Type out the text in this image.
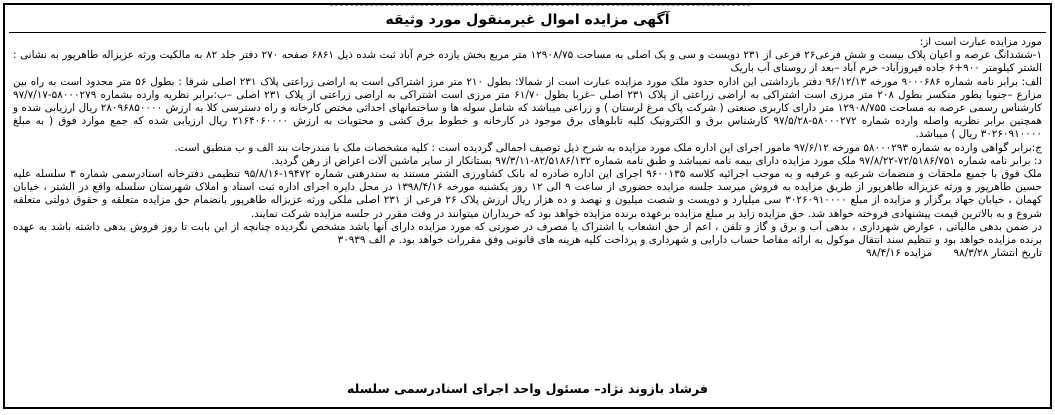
آگهی مزایده اموال غیرمنقول مورد وثیقه

مورد مزایده عبارت است از:

۱-ششدانگ عرصه و اعیان پلاک بیست و شش فرعی۲۶ فرعی از ۲۳۱ دویست و سی و یک اصلی به مساحت ۱۲۹۰۸/۷۵ متر مربع بخش یازده خرم آباد ثبت شده ذیل ۶۸۶۱ صفحه ۲۷۰ دفتر جلد ۸۲ به مالکیت ورثه عزیزاله طاهرپور به نشانی : الشتر کیلومتر ۹۰۰+۶ جاده فیروزآباد- خرم آباد –بعد از روستای آب باریک

الف: برابر نامه شماره ۹۰۰۰۶۸۶ مورخه ۹۶/۱۲/۱۳ دفتر بازداشتی این اداره حدود ملک مورد مزایده عبارت است از شمالا: بطول ۲۱۰ متر مرز اشتراکی است به اراضی زراعتی پلاک ۲۳۱ اصلی شرقا : بطول ۵۶ متر محدود است به راه بین مزارع –جنوبا بطور منکسر بطول ۲۰۸ متر مرزی است اشتراکی به اراضی زراعتی از پلاک ۲۳۱ اصلی –غربا بطول ۶۱/۷۰ متر مرزی است اشتراکی به اراضی زراعتی از پلاک ۲۳۱ اصلی –ب:برابر نظریه وارده بشماره ۵۸۰۰۰۲۷۹-۹۷/۷/۱۷ کارشناس رسمی عرصه به مساحت ۱۲۹۰۸/۷۵۵ متر دارای کاربری صنعتی ( شرکت پاک مرغ لرستان ) و زراعی میباشد که شامل سوله ها و ساختمانهای احداثی مختص کارخانه و راه دسترسی کلا به ارزش ۲۸۰۹۶۸۵۰۰۰۰ ریال ارزیابی شده و همچنین برابر نظریه واصله وارده شماره ۵۸۰۰۰۲۷۲-۹۷/۵/۲۸ کارشناس برق و الکترونیک کلیه تابلوهای برق موجود در کارخانه و خطوط برق کشی و محتویات به ارزش ۲۱۶۴۰۶۰۰۰۰ ریال ارزیابی شده که جمع موارد فوق ( به مبلغ ۳۰۲۶۰۹۱۰۰۰۰ ریال ) میباشد.

ج:برابر گواهی وارده به شماره ۵۸۰۰۰۲۹۳ مورخه ۹۷/۶/۱۲ مامور اجرای این اداره ملک مورد مزایده به شرح ذیل توصیف اجمالی گردیده است : کلیه مشخصات ملک با مندرجات بند الف و ب منطبق است.

د: برابر نامه شماره ۷۲/۵۱۸۶/۷۵۱-۹۷/۸/۲۲ ملک مورد مزایده دارای بیمه نامه نمیباشد و طبق نامه شماره ۸۲/۵۱۸۶/۱۳۲-۹۷/۳/۱۱ بستانکار از سایر ماشین آلات اعراض از رهن گردید.

ملک فوق با جمیع ملحقات و منضمات شرعیه و عرفیه و به موجب اجرائیه کلاسه ۹۶۰۰۱۳۵ اجرای این اداره صادره له بانک کشاورزی الشتر مستند به سندرهنی شماره ۱۹۴۷۲-۹۵/۸/۱۶ تنظیمی دفترخانه اسنادرسمی شماره ۳ سلسله علیه حسین طاهرپور و ورثه عزیزاله طاهرپور از طریق مزایده به فروش میرسد جلسه مزایده حضوری از ساعت ۹ الی ۱۲ روز یکشنبه مورخه ۱۳۹۸/۴/۱۶ در محل دایره اجرای اداره ثبت اسناد و املاک شهرستان سلسله واقع در الشتر ، خیابان کهمان ، خیابان جهاد برگزار و مزایده از مبلغ ۳۰۲۶۰۹۱۰۰۰۰ سی میلیارد و دویست و شصت میلیون و نهصد و ده هزار ریال ارزش پلاک ۲۶ فرعی از ۲۳۱ اصلی ملکی ورثه عزیزاله طاهرپور بانضمام حق مزایده متعلقه و حقوق دولتی متعلقه شروع و به بالاترین قیمت پیشنهادی فروخته خواهد شد. حق مزایده زاید بر مبلغ مزایده برعهده برنده مزایده خواهد بود که خریداران میتوانند در وقت مقرر در جلسه مزایده شرکت نمایند.

در ضمن بدهی مالیاتی ، عوارض شهرداری ، بدهی آب و برق و گاز و تلفن ، اعم از حق انشعاب یا اشتراک یا مصرف در صورتی که مورد مزایده دارای آنها باشد مشخص نگردیده چنانچه از این بابت تا روز فروش بدهی داشته باشد به عهده برنده مزایده خواهد بود و تنظیم سند انتقال موکول به ارائه مفاصا حساب دارایی و شهرداری و پرداخت کلیه هزینه های قانونی وفق مقررات خواهد بود. م الف ۳۰۹۳۹

تاریخ انتشار ۹۸/۳/۲۸ مزایده ۹۸/۴/۱۶
فرشاد بازوند نژاد– مسئول واحد اجرای اسنادرسمی سلسله
